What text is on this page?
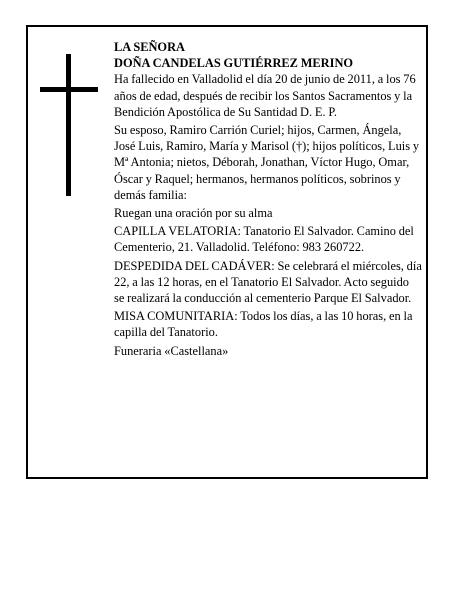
LA SEÑORA

DOÑA CANDELAS GUTIÉRREZ MERINO

Ha fallecido en Valladolid el día 20 de junio de 2011, a los 76 años de edad, después de recibir los Santos Sacramentos y la Bendición Apostólica de Su Santidad D. E. P.

Su esposo, Ramiro Carrión Curiel; hijos, Carmen, Ángela, José Luis, Ramiro, María y Marisol (†); hijos políticos, Luis y Mª Antonia; nietos, Déborah, Jonathan, Víctor Hugo, Omar, Óscar y Raquel; hermanos, hermanos políticos, sobrinos y demás familia:

Ruegan una oración por su alma

CAPILLA VELATORIA: Tanatorio El Salvador. Camino del Cementerio, 21. Valladolid. Teléfono: 983 260722.

DESPEDIDA DEL CADÁVER: Se celebrará el miércoles, día 22, a las 12 horas, en el Tanatorio El Salvador. Acto seguido se realizará la conducción al cementerio Parque El Salvador.

MISA COMUNITARIA: Todos los días, a las 10 horas, en la capilla del Tanatorio.

Funeraria «Castellana»
